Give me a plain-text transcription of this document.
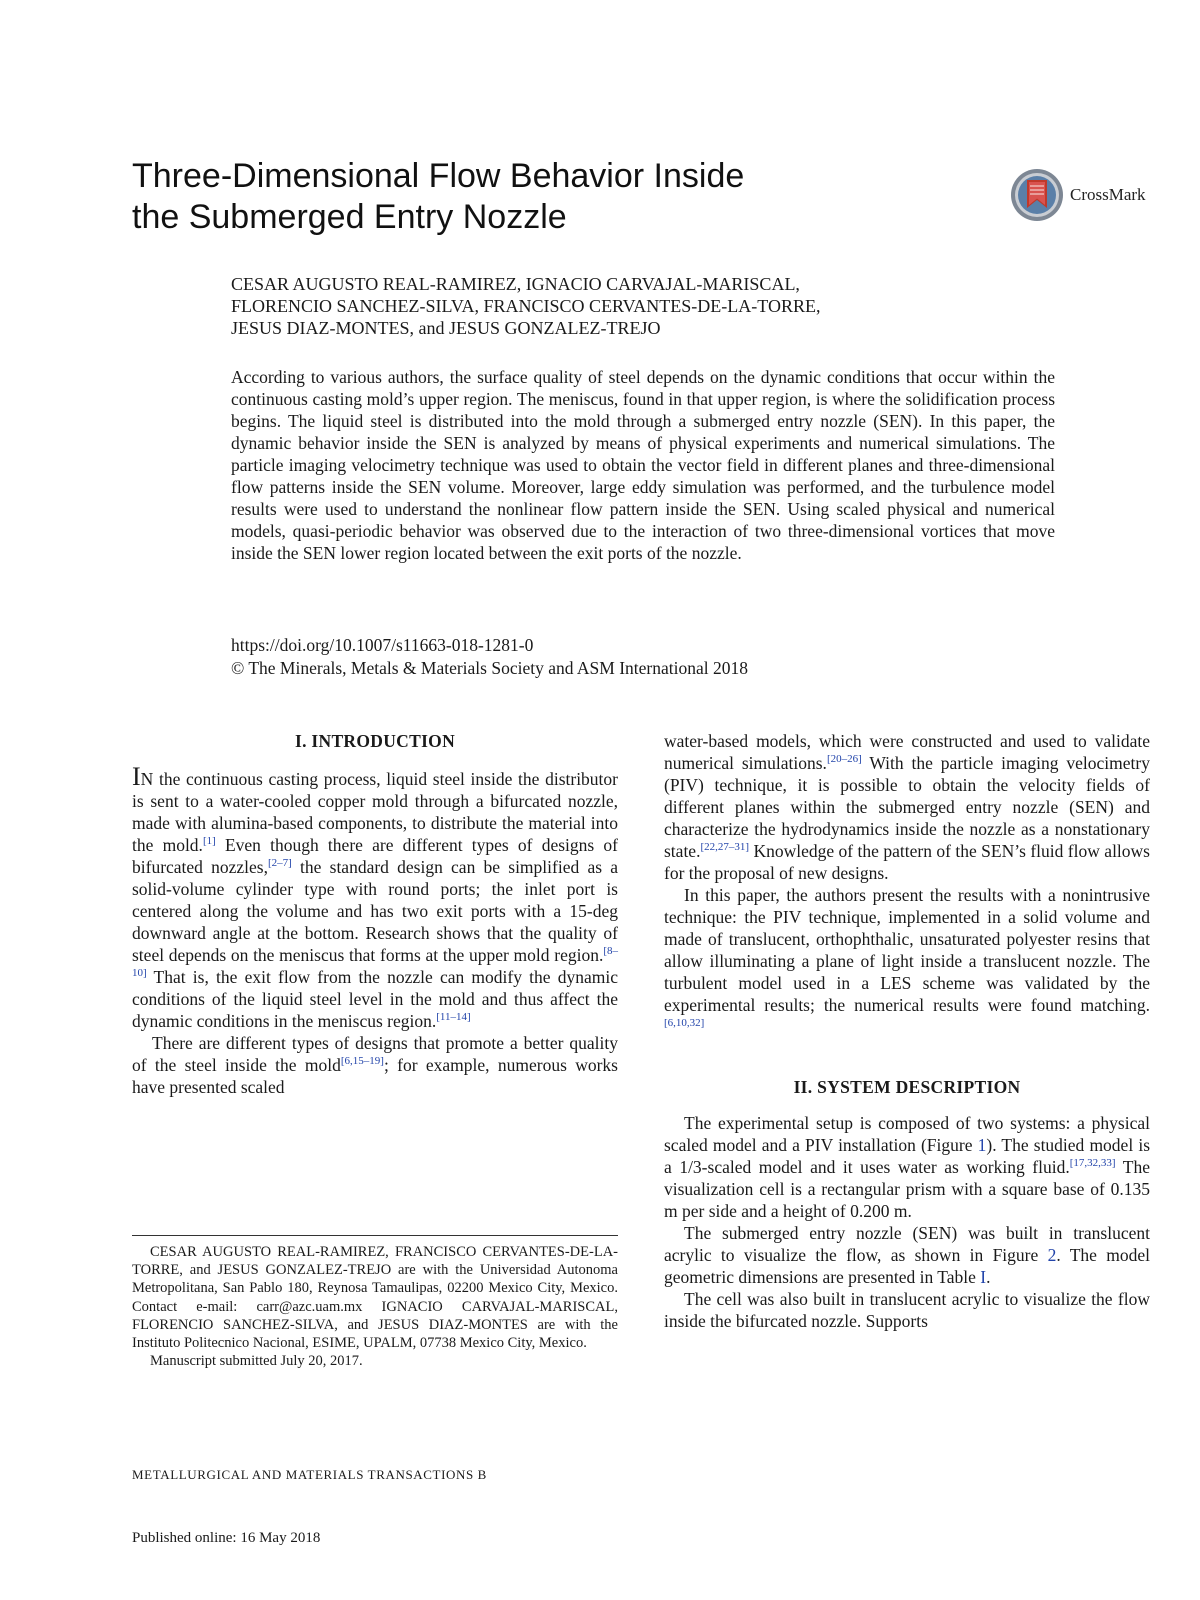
Three-Dimensional Flow Behavior Inside
the Submerged Entry Nozzle
CrossMark

CESAR AUGUSTO REAL-RAMIREZ, IGNACIO CARVAJAL-MARISCAL,
FLORENCIO SANCHEZ-SILVA, FRANCISCO CERVANTES-DE-LA-TORRE,
JESUS DIAZ-MONTES, and JESUS GONZALEZ-TREJO

According to various authors, the surface quality of steel depends on the dynamic conditions that occur within the continuous casting mold’s upper region. The meniscus, found in that upper region, is where the solidification process begins. The liquid steel is distributed into the mold through a submerged entry nozzle (SEN). In this paper, the dynamic behavior inside the SEN is analyzed by means of physical experiments and numerical simulations. The particle imaging velocimetry technique was used to obtain the vector field in different planes and three-dimensional flow patterns inside the SEN volume. Moreover, large eddy simulation was performed, and the turbulence model results were used to understand the nonlinear flow pattern inside the SEN. Using scaled physical and numerical models, quasi-periodic behavior was observed due to the interaction of two three-dimensional vortices that move inside the SEN lower region located between the exit ports of the nozzle.

https://doi.org/10.1007/s11663-018-1281-0
© The Minerals, Metals & Materials Society and ASM International 2018
I. INTRODUCTION

IN the continuous casting process, liquid steel inside the distributor is sent to a water-cooled copper mold through a bifurcated nozzle, made with alumina-based components, to distribute the material into the mold.[1] Even though there are different types of designs of bifurcated nozzles,[2–7] the standard design can be simplified as a solid-volume cylinder type with round ports; the inlet port is centered along the volume and has two exit ports with a 15-deg downward angle at the bottom. Research shows that the quality of steel depends on the meniscus that forms at the upper mold region.[8–10] That is, the exit flow from the nozzle can modify the dynamic conditions of the liquid steel level in the mold and thus affect the dynamic conditions in the meniscus region.[11–14]

There are different types of designs that promote a better quality of the steel inside the mold[6,15–19]; for example, numerous works have presented scaled

water-based models, which were constructed and used to validate numerical simulations.[20–26] With the particle imaging velocimetry (PIV) technique, it is possible to obtain the velocity fields of different planes within the submerged entry nozzle (SEN) and characterize the hydrodynamics inside the nozzle as a nonstationary state.[22,27–31] Knowledge of the pattern of the SEN’s fluid flow allows for the proposal of new designs.

In this paper, the authors present the results with a nonintrusive technique: the PIV technique, implemented in a solid volume and made of translucent, orthophthalic, unsaturated polyester resins that allow illuminating a plane of light inside a translucent nozzle. The turbulent model used in a LES scheme was validated by the experimental results; the numerical results were found matching.[6,10,32]

II. SYSTEM DESCRIPTION

The experimental setup is composed of two systems: a physical scaled model and a PIV installation (Figure 1). The studied model is a 1/3-scaled model and it uses water as working fluid.[17,32,33] The visualization cell is a rectangular prism with a square base of 0.135 m per side and a height of 0.200 m.

The submerged entry nozzle (SEN) was built in translucent acrylic to visualize the flow, as shown in Figure 2. The model geometric dimensions are presented in Table I.

The cell was also built in translucent acrylic to visualize the flow inside the bifurcated nozzle. Supports

CESAR AUGUSTO REAL-RAMIREZ, FRANCISCO CERVANTES-DE-LA-TORRE, and JESUS GONZALEZ-TREJO are with the Universidad Autonoma Metropolitana, San Pablo 180, Reynosa Tamaulipas, 02200 Mexico City, Mexico. Contact e-mail: carr@azc.uam.mx IGNACIO CARVAJAL-MARISCAL, FLORENCIO SANCHEZ-SILVA, and JESUS DIAZ-MONTES are with the Instituto Politecnico Nacional, ESIME, UPALM, 07738 Mexico City, Mexico.

Manuscript submitted July 20, 2017.

METALLURGICAL AND MATERIALS TRANSACTIONS B
Published online: 16 May 2018
